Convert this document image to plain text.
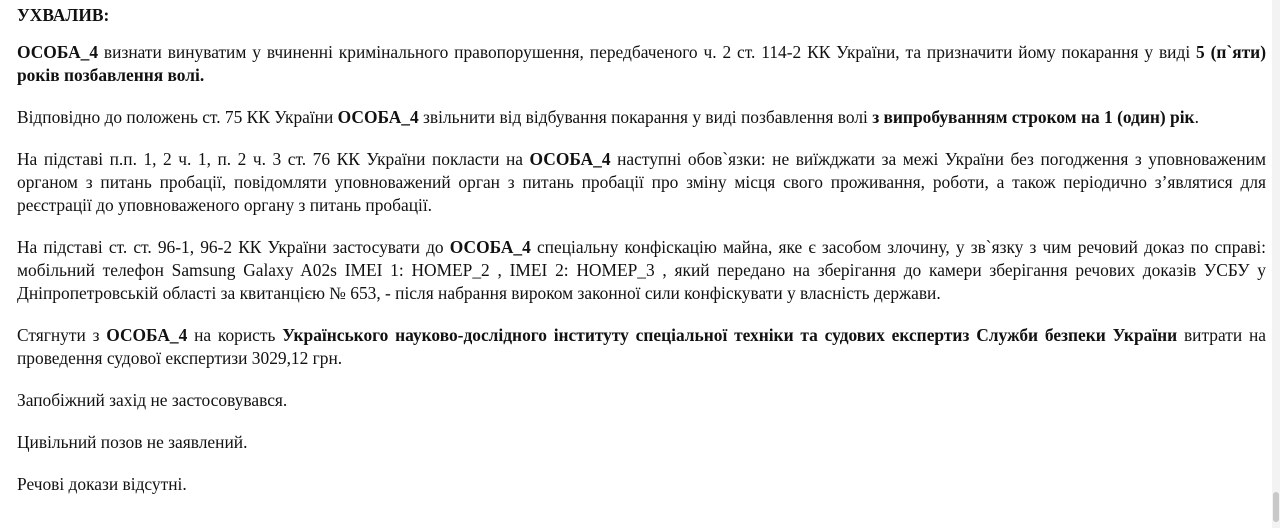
УХВАЛИВ:

ОСОБА_4 визнати винуватим у вчиненні кримінального правопорушення, передбаченого ч. 2 ст. 114-2 КК України, та призначити йому покарання у виді 5 (п`яти) років позбавлення волі.

Відповідно до положень ст. 75 КК України ОСОБА_4 звільнити від відбування покарання у виді позбавлення волі з випробуванням строком на 1 (один) рік.

На підставі п.п. 1, 2 ч. 1, п. 2 ч. 3 ст. 76 КК України покласти на ОСОБА_4 наступні обов`язки: не виїжджати за межі України без погодження з уповноваженим органом з питань пробації, повідомляти уповноважений орган з питань пробації про зміну місця свого проживання, роботи, а також періодично з’являтися для реєстрації до уповноваженого органу з питань пробації.

На підставі ст. ст. 96-1, 96-2 КК України застосувати до ОСОБА_4 спеціальну конфіскацію майна, яке є засобом злочину, у зв`язку з чим речовий доказ по справі: мобільний телефон Samsung Galaxy A02s IMEI 1: НОМЕР_2 , IMEI 2: НОМЕР_3 , який передано на зберігання до камери зберігання речових доказів УСБУ у Дніпропетровській області за квитанцією № 653, - після набрання вироком законної сили конфіскувати у власність держави.

Стягнути з ОСОБА_4 на користь Українського науково-дослідного інституту спеціальної техніки та судових експертиз Служби безпеки України витрати на проведення судової експертизи 3029,12 грн.

Запобіжний захід не застосовувався.

Цивільний позов не заявлений.

Речові докази відсутні.
